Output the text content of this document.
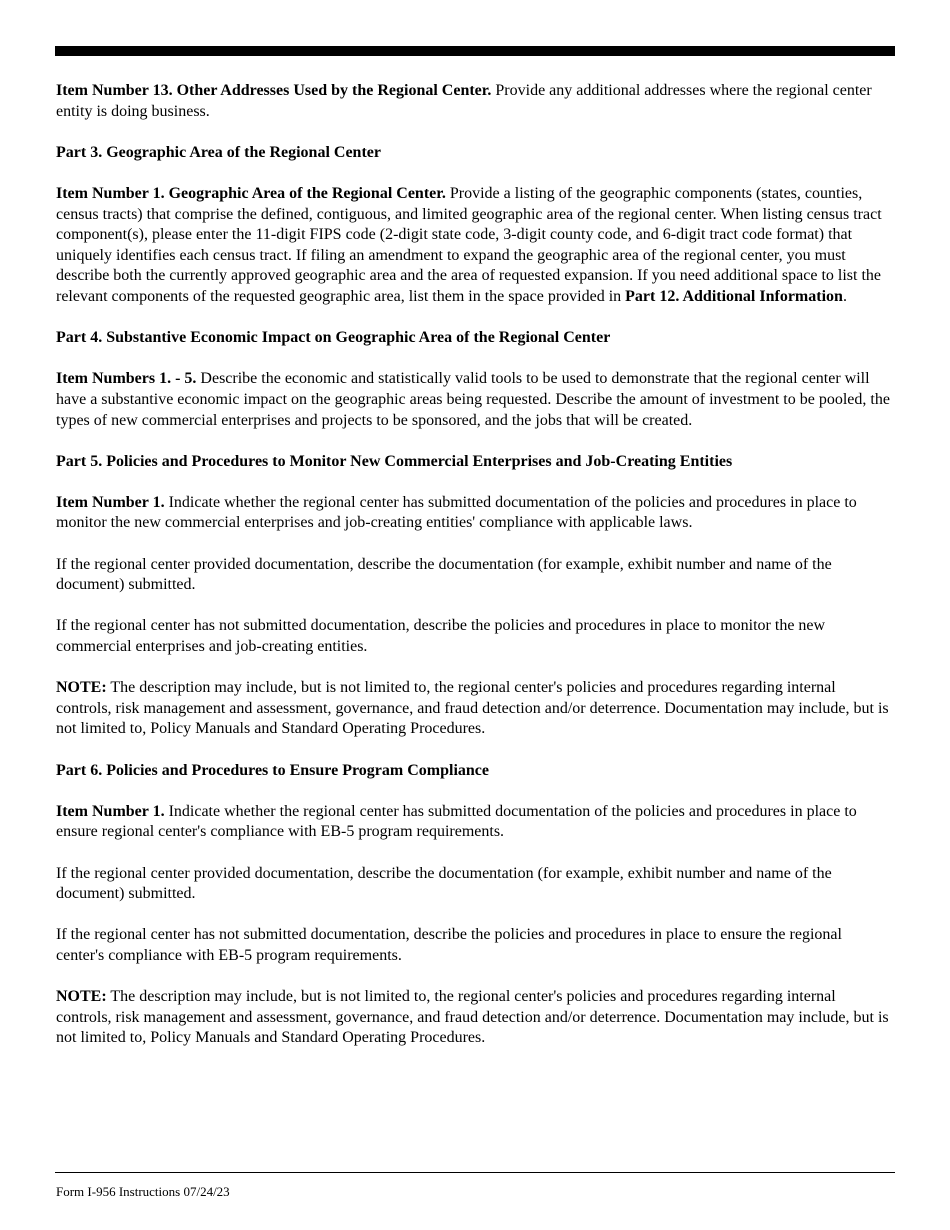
Item Number 13. Other Addresses Used by the Regional Center. Provide any additional addresses where the regional center entity is doing business.

Part 3. Geographic Area of the Regional Center

Item Number 1. Geographic Area of the Regional Center. Provide a listing of the geographic components (states, counties, census tracts) that comprise the defined, contiguous, and limited geographic area of the regional center. When listing census tract component(s), please enter the 11-digit FIPS code (2-digit state code, 3-digit county code, and 6-digit tract code format) that uniquely identifies each census tract. If filing an amendment to expand the geographic area of the regional center, you must describe both the currently approved geographic area and the area of requested expansion. If you need additional space to list the relevant components of the requested geographic area, list them in the space provided in Part 12. Additional Information.

Part 4. Substantive Economic Impact on Geographic Area of the Regional Center

Item Numbers 1. - 5. Describe the economic and statistically valid tools to be used to demonstrate that the regional center will have a substantive economic impact on the geographic areas being requested. Describe the amount of investment to be pooled, the types of new commercial enterprises and projects to be sponsored, and the jobs that will be created.

Part 5. Policies and Procedures to Monitor New Commercial Enterprises and Job-Creating Entities

Item Number 1. Indicate whether the regional center has submitted documentation of the policies and procedures in place to monitor the new commercial enterprises and job-creating entities' compliance with applicable laws.

If the regional center provided documentation, describe the documentation (for example, exhibit number and name of the document) submitted.

If the regional center has not submitted documentation, describe the policies and procedures in place to monitor the new commercial enterprises and job-creating entities.

NOTE: The description may include, but is not limited to, the regional center's policies and procedures regarding internal controls, risk management and assessment, governance, and fraud detection and/or deterrence. Documentation may include, but is not limited to, Policy Manuals and Standard Operating Procedures.

Part 6. Policies and Procedures to Ensure Program Compliance

Item Number 1. Indicate whether the regional center has submitted documentation of the policies and procedures in place to ensure regional center's compliance with EB-5 program requirements.

If the regional center provided documentation, describe the documentation (for example, exhibit number and name of the document) submitted.

If the regional center has not submitted documentation, describe the policies and procedures in place to ensure the regional center's compliance with EB-5 program requirements.

NOTE: The description may include, but is not limited to, the regional center's policies and procedures regarding internal controls, risk management and assessment, governance, and fraud detection and/or deterrence. Documentation may include, but is not limited to, Policy Manuals and Standard Operating Procedures.

Form I-956 Instructions 07/24/23
